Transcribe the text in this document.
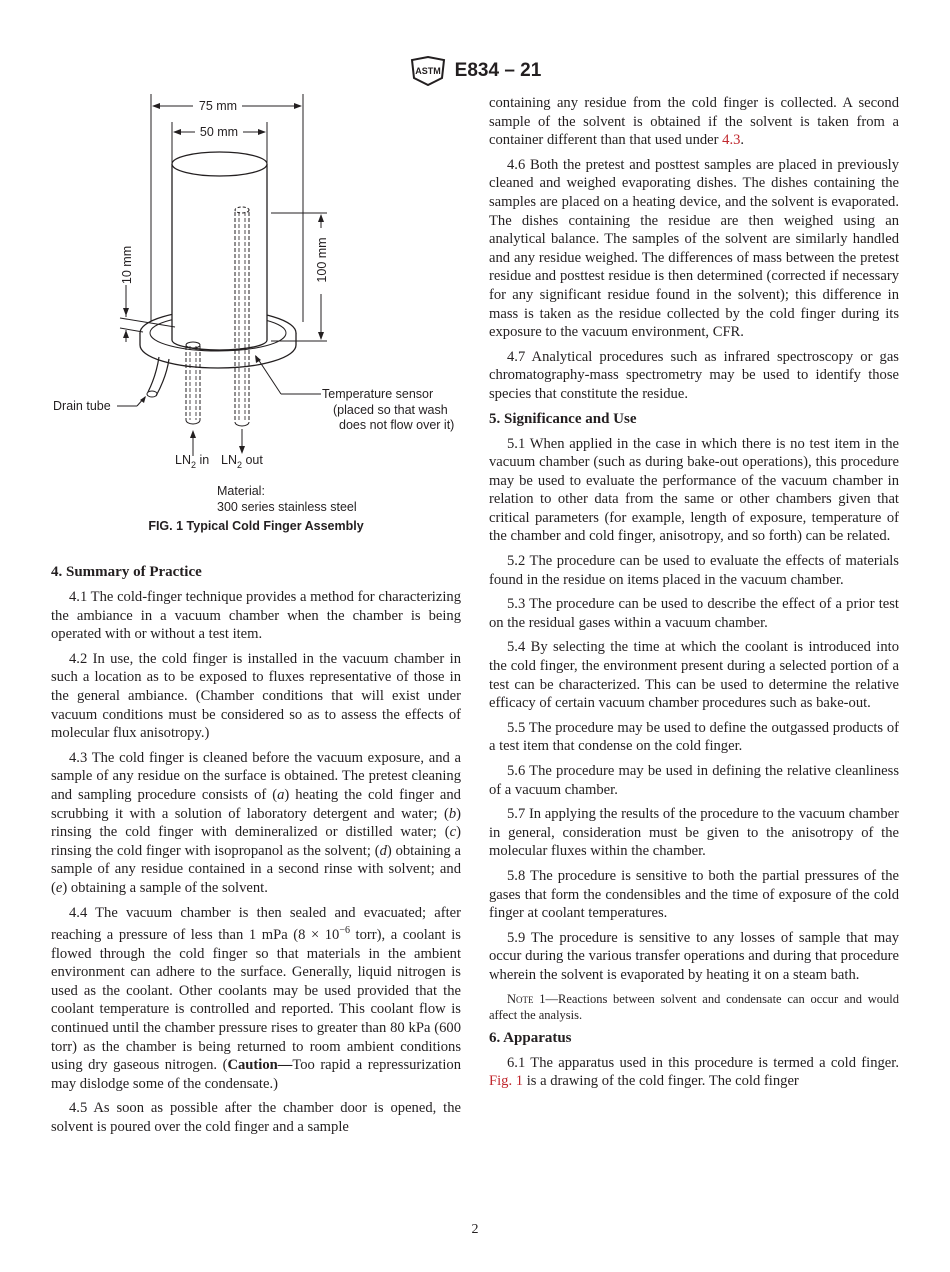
ASTM E834 – 21
75 mm
50 mm
10 mm	100 mm
Drain tube
Temperature sensor
(placed so that wash
does not flow over it)
$LN_2$ in $LN_2$ out
Material:
300 series stainless steel
FIG. 1 Typical Cold Finger Assembly
4. Summary of Practice

4.1 The cold-finger technique provides a method for characterizing the ambiance in a vacuum chamber when the chamber is being operated with or without a test item.

4.2 In use, the cold finger is installed in the vacuum chamber in such a location as to be exposed to fluxes representative of those in the general ambiance. (Chamber conditions that will exist under vacuum conditions must be considered so as to assess the effects of molecular flux anisotropy.)

4.3 The cold finger is cleaned before the vacuum exposure, and a sample of any residue on the surface is obtained. The pretest cleaning and sampling procedure consists of (a) heating the cold finger and scrubbing it with a solution of laboratory detergent and water; (b) rinsing the cold finger with demineralized or distilled water; (c) rinsing the cold finger with isopropanol as the solvent; (d) obtaining a sample of any residue contained in a second rinse with solvent; and (e) obtaining a sample of the solvent.

4.4 The vacuum chamber is then sealed and evacuated; after reaching a pressure of less than 1 mPa ($8 \times 10^{-6}$ torr), a coolant is flowed through the cold finger so that materials in the ambient environment can adhere to the surface. Generally, liquid nitrogen is used as the coolant. Other coolants may be used provided that the coolant temperature is controlled and reported. This coolant flow is continued until the chamber pressure rises to greater than 80 kPa (600 torr) as the chamber is being returned to room ambient conditions using dry gaseous nitrogen. (Caution—Too rapid a repressurization may dislodge some of the condensate.)

4.5 As soon as possible after the chamber door is opened, the solvent is poured over the cold finger and a sample

containing any residue from the cold finger is collected. A second sample of the solvent is obtained if the solvent is taken from a container different than that used under 4.3.

4.6 Both the pretest and posttest samples are placed in previously cleaned and weighed evaporating dishes. The dishes containing the samples are placed on a heating device, and the solvent is evaporated. The dishes containing the residue are then weighed using an analytical balance. The samples of the solvent are similarly handled and any residue weighed. The differences of mass between the pretest residue and posttest residue is then determined (corrected if necessary for any significant residue found in the solvent); this difference in mass is taken as the residue collected by the cold finger during its exposure to the vacuum environment, CFR.

4.7 Analytical procedures such as infrared spectroscopy or gas chromatography-mass spectrometry may be used to identify those species that constitute the residue.

5. Significance and Use

5.1 When applied in the case in which there is no test item in the vacuum chamber (such as during bake-out operations), this procedure may be used to evaluate the performance of the vacuum chamber in relation to other data from the same or other chambers given that critical parameters (for example, length of exposure, temperature of the chamber and cold finger, anisotropy, and so forth) can be related.

5.2 The procedure can be used to evaluate the effects of materials found in the residue on items placed in the vacuum chamber.

5.3 The procedure can be used to describe the effect of a prior test on the residual gases within a vacuum chamber.

5.4 By selecting the time at which the coolant is introduced into the cold finger, the environment present during a selected portion of a test can be characterized. This can be used to determine the relative efficacy of certain vacuum chamber procedures such as bake-out.

5.5 The procedure may be used to define the outgassed products of a test item that condense on the cold finger.

5.6 The procedure may be used in defining the relative cleanliness of a vacuum chamber.

5.7 In applying the results of the procedure to the vacuum chamber in general, consideration must be given to the anisotropy of the molecular fluxes within the chamber.

5.8 The procedure is sensitive to both the partial pressures of the gases that form the condensibles and the time of exposure of the cold finger at coolant temperatures.

5.9 The procedure is sensitive to any losses of sample that may occur during the various transfer operations and during that procedure wherein the solvent is evaporated by heating it on a steam bath.

Note 1—Reactions between solvent and condensate can occur and would affect the analysis.

6. Apparatus

6.1 The apparatus used in this procedure is termed a cold finger. Fig. 1 is a drawing of the cold finger. The cold finger

2
